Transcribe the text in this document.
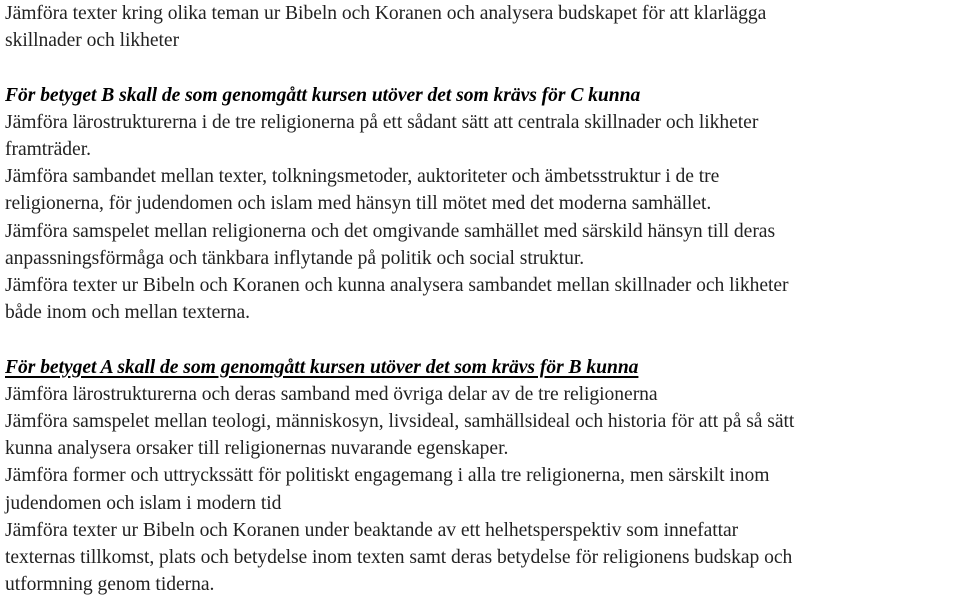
Jämföra texter kring olika teman ur Bibeln och Koranen och analysera budskapet för att klarlägga
skillnader och likheter
För betyget B skall de som genomgått kursen utöver det som krävs för C kunna
Jämföra lärostrukturerna i de tre religionerna på ett sådant sätt att centrala skillnader och likheter
framträder.
Jämföra sambandet mellan texter, tolkningsmetoder, auktoriteter och ämbetsstruktur i de tre
religionerna, för judendomen och islam med hänsyn till mötet med det moderna samhället.
Jämföra samspelet mellan religionerna och det omgivande samhället med särskild hänsyn till deras
anpassningsförmåga och tänkbara inflytande på politik och social struktur.
Jämföra texter ur Bibeln och Koranen och kunna analysera sambandet mellan skillnader och likheter
både inom och mellan texterna.
För betyget A skall de som genomgått kursen utöver det som krävs för B kunna
Jämföra lärostrukturerna och deras samband med övriga delar av de tre religionerna
Jämföra samspelet mellan teologi, människosyn, livsideal, samhällsideal och historia för att på så sätt
kunna analysera orsaker till religionernas nuvarande egenskaper.
Jämföra former och uttryckssätt för politiskt engagemang i alla tre religionerna, men särskilt inom
judendomen och islam i modern tid
Jämföra texter ur Bibeln och Koranen under beaktande av ett helhetsperspektiv som innefattar
texternas tillkomst, plats och betydelse inom texten samt deras betydelse för religionens budskap och
utformning genom tiderna.
